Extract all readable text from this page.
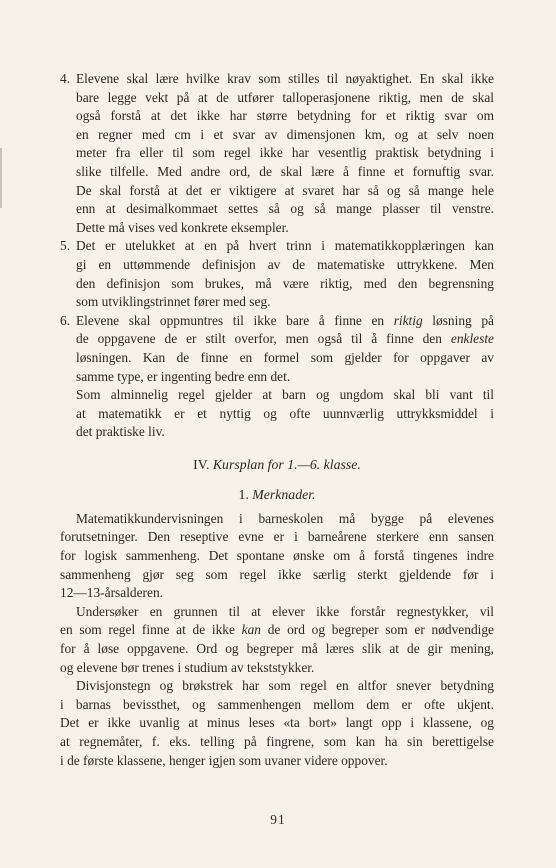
4. Elevene skal lære hvilke krav som stilles til nøyaktighet. En skal ikke
bare legge vekt på at de utfører talloperasjonene riktig, men de skal
også forstå at det ikke har større betydning for et riktig svar om
en regner med cm i et svar av dimensjonen km, og at selv noen
meter fra eller til som regel ikke har vesentlig praktisk betydning i
slike tilfelle. Med andre ord, de skal lære å finne et fornuftig svar.
De skal forstå at det er viktigere at svaret har så og så mange hele
enn at desimalkommaet settes så og så mange plasser til venstre.
Dette må vises ved konkrete eksempler.
5. Det er utelukket at en på hvert trinn i matematikkopplæringen kan
gi en uttømmende definisjon av de matematiske uttrykkene. Men
den definisjon som brukes, må være riktig, med den begrensning
som utviklingstrinnet fører med seg.
6. Elevene skal oppmuntres til ikke bare å finne en riktig løsning på
de oppgavene de er stilt overfor, men også til å finne den enkleste
løsningen. Kan de finne en formel som gjelder for oppgaver av
samme type, er ingenting bedre enn det.
Som alminnelig regel gjelder at barn og ungdom skal bli vant til
at matematikk er et nyttig og ofte uunnværlig uttrykksmiddel i
det praktiske liv.
IV. Kursplan for 1.—6. klasse.
1. Merknader.
Matematikkundervisningen i barneskolen må bygge på elevenes
forutsetninger. Den reseptive evne er i barneårene sterkere enn sansen
for logisk sammenheng. Det spontane ønske om å forstå tingenes indre
sammenheng gjør seg som regel ikke særlig sterkt gjeldende før i
12—13-årsalderen.
Undersøker en grunnen til at elever ikke forstår regnestykker, vil
en som regel finne at de ikke kan de ord og begreper som er nødvendige
for å løse oppgavene. Ord og begreper må læres slik at de gir mening,
og elevene bør trenes i studium av tekststykker.
Divisjonstegn og brøkstrek har som regel en altfor snever betydning
i barnas bevissthet, og sammenhengen mellom dem er ofte ukjent.
Det er ikke uvanlig at minus leses «ta bort» langt opp i klassene, og
at regnemåter, f. eks. telling på fingrene, som kan ha sin berettigelse
i de første klassene, henger igjen som uvaner videre oppover.
91
